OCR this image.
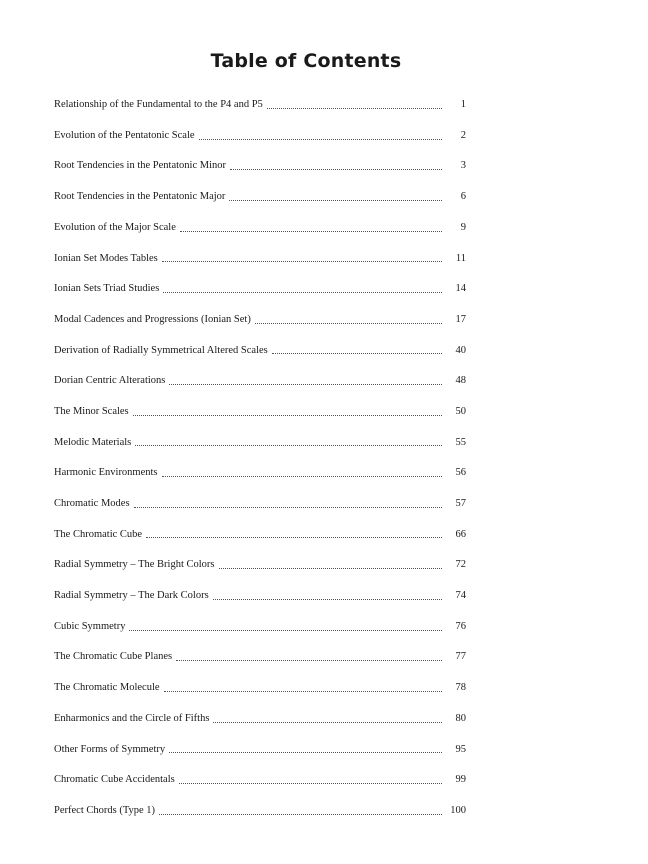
Table of Contents
Relationship of the Fundamental to the P4 and P5	1
Evolution of the Pentatonic Scale	2
Root Tendencies in the Pentatonic Minor	3
Root Tendencies in the Pentatonic Major	6
Evolution of the Major Scale	9
Ionian Set Modes Tables	11
Ionian Sets Triad Studies	14
Modal Cadences and Progressions (Ionian Set)	17
Derivation of Radially Symmetrical Altered Scales	40
Dorian Centric Alterations	48
The Minor Scales	50
Melodic Materials	55
Harmonic Environments	56
Chromatic Modes	57
The Chromatic Cube	66
Radial Symmetry – The Bright Colors	72
Radial Symmetry – The Dark Colors	74
Cubic Symmetry	76
The Chromatic Cube Planes	77
The Chromatic Molecule	78
Enharmonics and the Circle of Fifths	80
Other Forms of Symmetry	95
Chromatic Cube Accidentals	99
Perfect Chords (Type 1)	100
